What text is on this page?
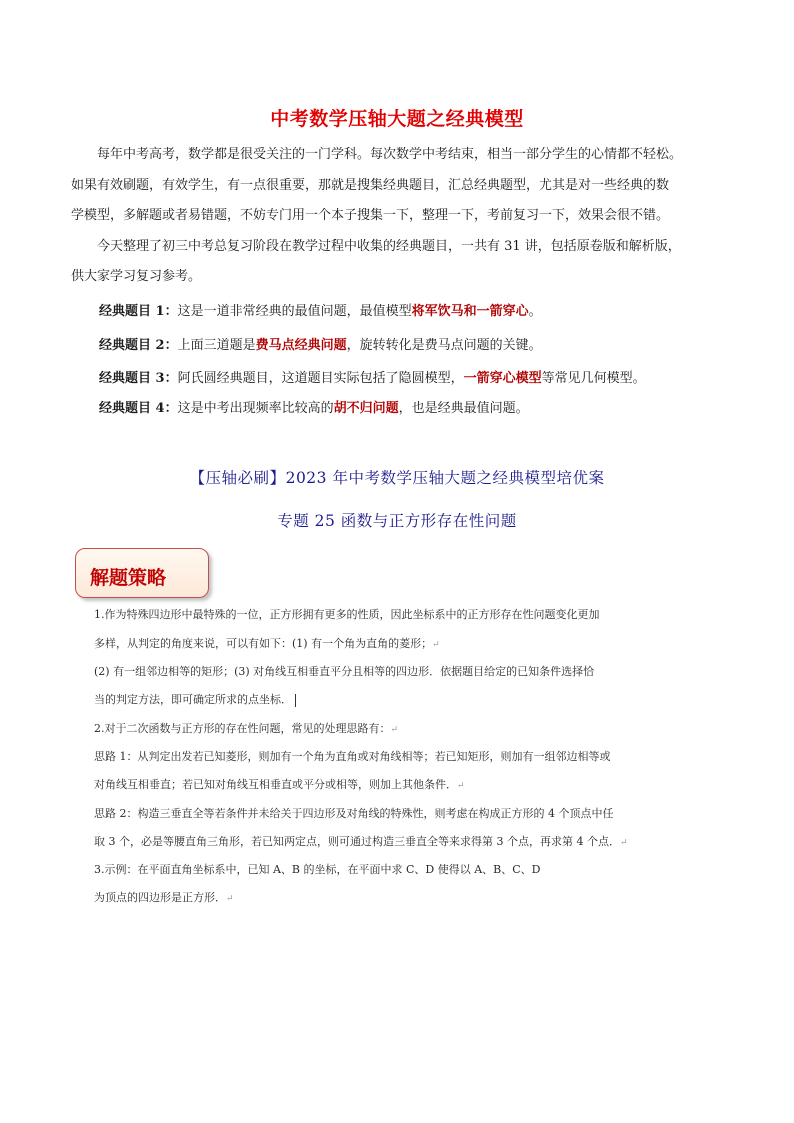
中考数学压轴大题之经典模型

每年中考高考，数学都是很受关注的一门学科。每次数学中考结束，相当一部分学生的心情都不轻松。

如果有效刷题，有效学生，有一点很重要，那就是搜集经典题目，汇总经典题型，尤其是对一些经典的数

学模型，多解题或者易错题，不妨专门用一个本子搜集一下，整理一下，考前复习一下，效果会很不错。

今天整理了初三中考总复习阶段在教学过程中收集的经典题目，一共有 31 讲，包括原卷版和解析版，

供大家学习复习参考。

经典题目 1：这是一道非常经典的最值问题，最值模型将军饮马和一箭穿心。
经典题目 2：上面三道题是费马点经典问题，旋转转化是费马点问题的关键。
经典题目 3：阿氏圆经典题目，这道题目实际包括了隐圆模型，一箭穿心模型等常见几何模型。
经典题目 4：这是中考出现频率比较高的胡不归问题，也是经典最值问题。
【压轴必刷】2023 年中考数学压轴大题之经典模型培优案
专题 25 函数与正方形存在性问题
解题策略
1.作为特殊四边形中最特殊的一位，正方形拥有更多的性质，因此坐标系中的正方形存在性问题变化更加
多样，从判定的角度来说，可以有如下：(1) 有一个角为直角的菱形；↵
(2) 有一组邻边相等的矩形；(3) 对角线互相垂直平分且相等的四边形．依据题目给定的已知条件选择恰
当的判定方法，即可确定所求的点坐标．
2.对于二次函数与正方形的存在性问题，常见的处理思路有：↵
思路 1：从判定出发若已知菱形，则加有一个角为直角或对角线相等；若已知矩形，则加有一组邻边相等或
对角线互相垂直；若已知对角线互相垂直或平分或相等，则加上其他条件．↵
思路 2：构造三垂直全等若条件并未给关于四边形及对角线的特殊性，则考虑在构成正方形的 4 个顶点中任
取 3 个，必是等腰直角三角形，若已知两定点，则可通过构造三垂直全等来求得第 3 个点，再求第 4 个点．↵
3.示例：在平面直角坐标系中，已知 A、B 的坐标，在平面中求 C、D 使得以 A、B、C、D
为顶点的四边形是正方形．↵
